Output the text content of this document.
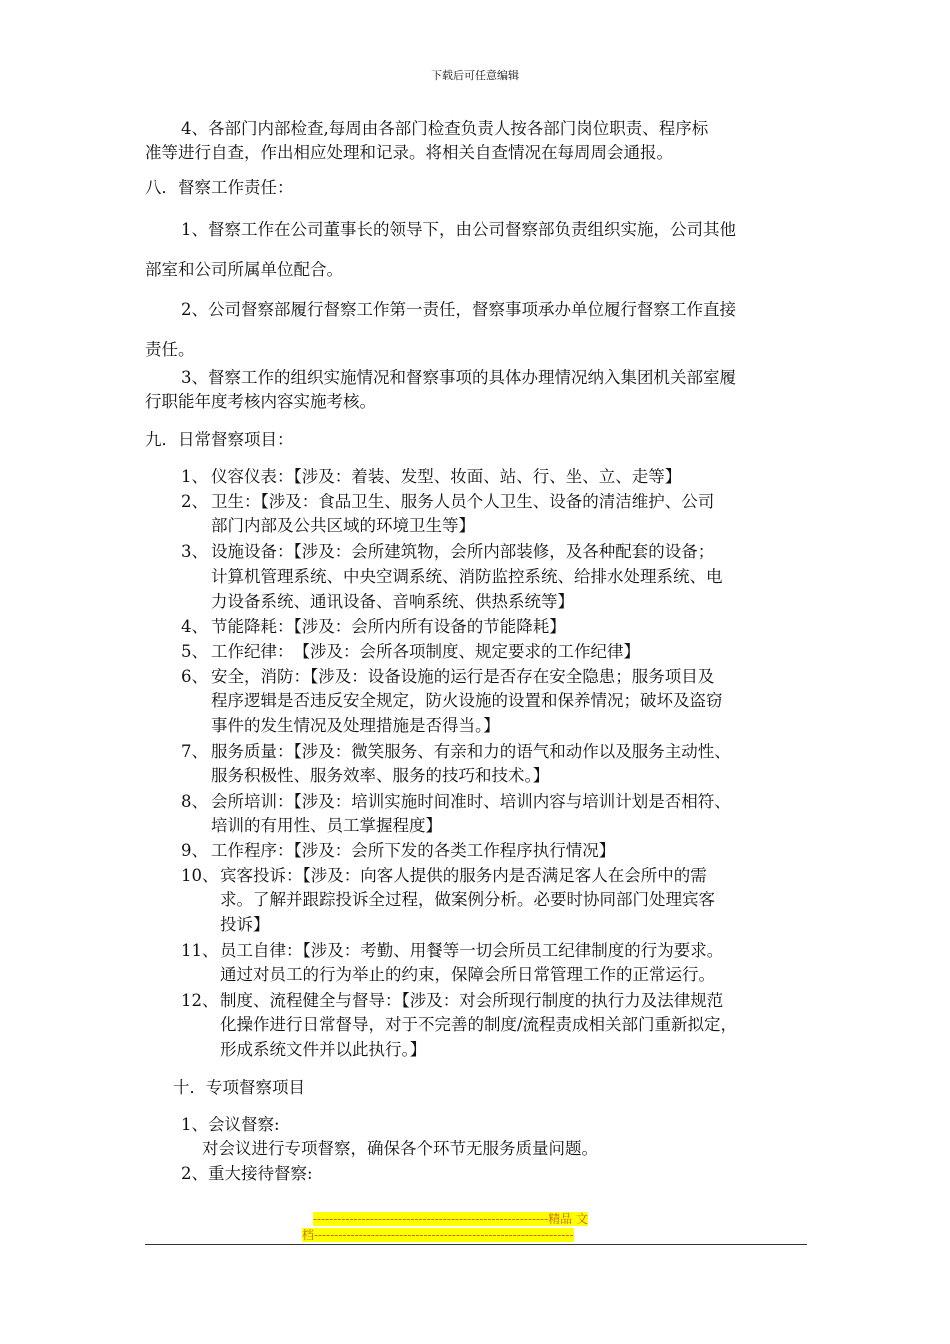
下载后可任意编辑
4、各部门内部检查,每周由各部门检查负责人按各部门岗位职责、程序标
准等进行自查，作出相应处理和记录。将相关自查情况在每周周会通报。
八．督察工作责任：
1、督察工作在公司董事长的领导下，由公司督察部负责组织实施，公司其他
部室和公司所属单位配合。
2、公司督察部履行督察工作第一责任，督察事项承办单位履行督察工作直接
责任。
3、督察工作的组织实施情况和督察事项的具体办理情况纳入集团机关部室履
行职能年度考核内容实施考核。
九．日常督察项目：
1、 仪容仪表：【涉及：着装、发型、妆面、站、行、坐、立、走等】
2、 卫生：【涉及：食品卫生、服务人员个人卫生、设备的清洁维护、公司
部门内部及公共区域的环境卫生等】
3、 设施设备：【涉及：会所建筑物，会所内部装修，及各种配套的设备；
计算机管理系统、中央空调系统、消防监控系统、给排水处理系统、电
力设备系统、通讯设备、音响系统、供热系统等】
4、 节能降耗：【涉及：会所内所有设备的节能降耗】
5、 工作纪律：　【涉及：会所各项制度、规定要求的工作纪律】
6、 安全，消防：【涉及：设备设施的运行是否存在安全隐患；服务项目及
程序逻辑是否违反安全规定，防火设施的设置和保养情况；破坏及盗窃
事件的发生情况及处理措施是否得当。】
7、 服务质量：【涉及：微笑服务、有亲和力的语气和动作以及服务主动性、
服务积极性、服务效率、服务的技巧和技术。】
8、 会所培训：【涉及：培训实施时间准时、培训内容与培训计划是否相符、
培训的有用性、员工掌握程度】
9、 工作程序：【涉及：会所下发的各类工作程序执行情况】
10、 宾客投诉：【涉及：向客人提供的服务内是否满足客人在会所中的需
求。了解并跟踪投诉全过程，做案例分析。必要时协同部门处理宾客
投诉】
11、 员工自律：【涉及：考勤、用餐等一切会所员工纪律制度的行为要求。
通过对员工的行为举止的约束，保障会所日常管理工作的正常运行。
12、 制度、流程健全与督导：【涉及：对会所现行制度的执行力及法律规范
化操作进行日常督导，对于不完善的制度/流程责成相关部门重新拟定，
形成系统文件并以此执行。】
十．专项督察项目
1、会议督察:
对会议进行专项督察，确保各个环节无服务质量问题。
2、重大接待督察:
----------------------------------------------------------精品 文
档----------------------------------------------------------------
